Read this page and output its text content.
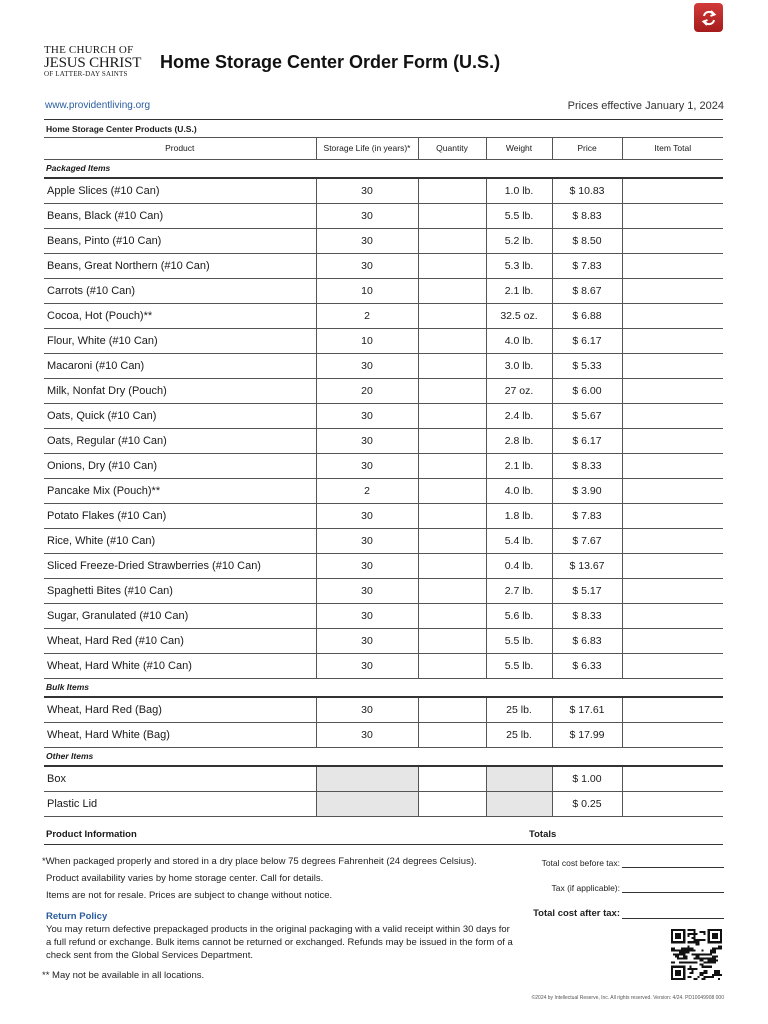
THE CHURCH OF
JESUS CHRIST
OF LATTER-DAY SAINTS
Home Storage Center Order Form (U.S.)
www.providentliving.org	Prices effective January 1, 2024
Home Storage Center Products (U.S.)					
Product	Storage Life (in years)*	Quantity	Weight	Price	Item Total
Packaged Items					
Apple Slices (#10 Can)	30		1.0 lb.	$ 10.83	
Beans, Black (#10 Can)	30		5.5 lb.	$ 8.83	
Beans, Pinto (#10 Can)	30		5.2 lb.	$ 8.50	
Beans, Great Northern (#10 Can)	30		5.3 lb.	$ 7.83	
Carrots (#10 Can)	10		2.1 lb.	$ 8.67	
Cocoa, Hot (Pouch)**	2		32.5 oz.	$ 6.88	
Flour, White (#10 Can)	10		4.0 lb.	$ 6.17	
Macaroni (#10 Can)	30		3.0 lb.	$ 5.33	
Milk, Nonfat Dry (Pouch)	20		27 oz.	$ 6.00	
Oats, Quick (#10 Can)	30		2.4 lb.	$ 5.67	
Oats, Regular (#10 Can)	30		2.8 lb.	$ 6.17	
Onions, Dry (#10 Can)	30		2.1 lb.	$ 8.33	
Pancake Mix (Pouch)**	2		4.0 lb.	$ 3.90	
Potato Flakes (#10 Can)	30		1.8 lb.	$ 7.83	
Rice, White (#10 Can)	30		5.4 lb.	$ 7.67	
Sliced Freeze-Dried Strawberries (#10 Can)	30		0.4 lb.	$ 13.67	
Spaghetti Bites (#10 Can)	30		2.7 lb.	$ 5.17	
Sugar, Granulated (#10 Can)	30		5.6 lb.	$ 8.33	
Wheat, Hard Red (#10 Can)	30		5.5 lb.	$ 6.83	
Wheat, Hard White (#10 Can)	30		5.5 lb.	$ 6.33	
Bulk Items					
Wheat, Hard Red (Bag)	30		25 lb.	$ 17.61	
Wheat, Hard White (Bag)	30		25 lb.	$ 17.99	
Other Items					
Box				$ 1.00	
Plastic Lid				$ 0.25	
Product Information	Totals
*When packaged properly and stored in a dry place below 75 degrees Fahrenheit (24 degrees Celsius).
Product availability varies by home storage center. Call for details.
Items are not for resale. Prices are subject to change without notice.
Total cost before tax:
Tax (if applicable):
Total cost after tax:
Return Policy
You may return defective prepackaged products in the original packaging with a valid receipt within 30 days for a full refund or exchange. Bulk items cannot be returned or exchanged. Refunds may be issued in the form of a check sent from the Global Services Department.
** May not be available in all locations.
©2024 by Intellectual Reserve, Inc. All rights reserved. Version: 4/24. PD10049908 000
